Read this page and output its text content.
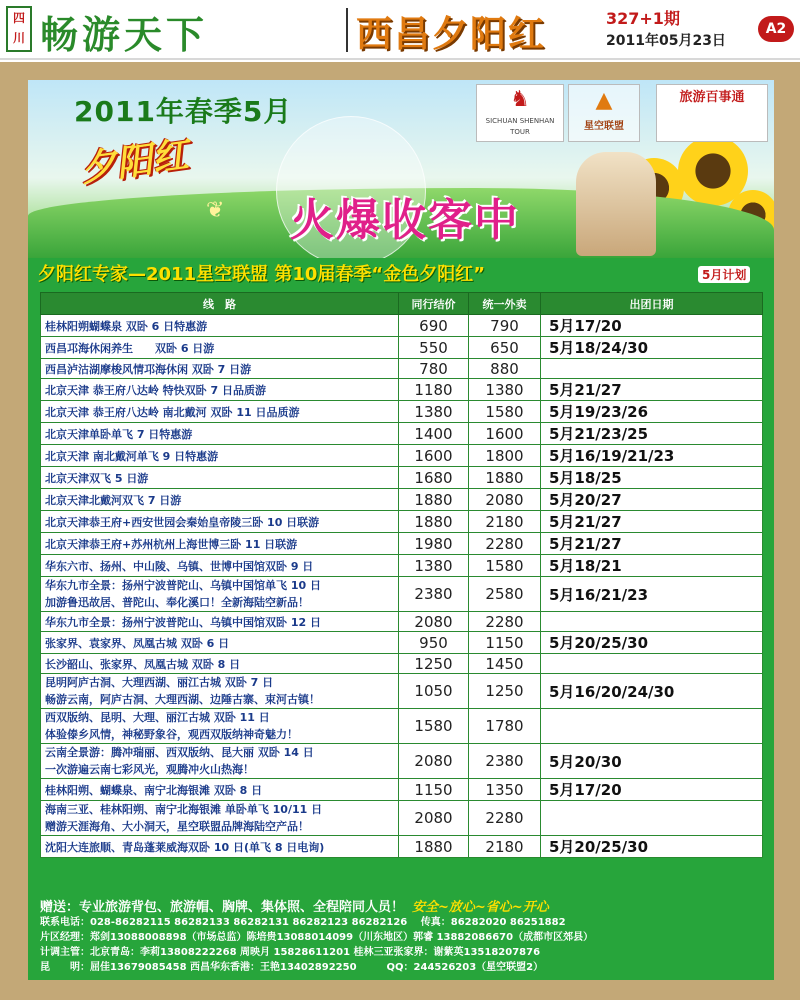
四川 畅游天下	西昌夕阳红	327+1期
2011年05月23日
A2
2011年春季5月	♞
SICHUAN SHENHAN TOUR
▲
星空联盟
旅游百事通
夕阳红
❦ 火爆收客中
夕阳红专家—2011星空联盟 第10届春季“金色夕阳红”	5月计划
线　路	同行结价	统一外卖	出团日期
桂林阳朔蝴蝶泉 双卧 6 日特惠游	690	790	5月17/20
西昌邛海休闲养生　　双卧 6 日游	550	650	5月18/24/30
西昌泸沽湖摩梭风情邛海休闲 双卧 7 日游	780	880	
北京天津 恭王府八达岭 特快双卧 7 日品质游	1180	1380	5月21/27
北京天津 恭王府八达岭 南北戴河 双卧 11 日品质游	1380	1580	5月19/23/26
北京天津单卧单飞 7 日特惠游	1400	1600	5月21/23/25
北京天津 南北戴河单飞 9 日特惠游	1600	1800	5月16/19/21/23
北京天津双飞 5 日游	1680	1880	5月18/25
北京天津北戴河双飞 7 日游	1880	2080	5月20/27
北京天津恭王府+西安世园会秦始皇帝陵三卧 10 日联游	1880	2180	5月21/27
北京天津恭王府+苏州杭州上海世博三卧 11 日联游	1980	2280	5月21/27
华东六市、扬州、中山陵、乌镇、世博中国馆双卧 9 日	1380	1580	5月18/21

华东九市全景：扬州宁波普陀山、乌镇中国馆单飞 10 日
加游鲁迅故居、普陀山、奉化溪口！全新海陆空新品！	2380	2580	5月16/21/23
华东九市全景：扬州宁波普陀山、乌镇中国馆双卧 12 日	2080	2280	
张家界、袁家界、凤凰古城 双卧 6 日	950	1150	5月20/25/30
长沙韶山、张家界、凤凰古城 双卧 8 日	1250	1450	

昆明阿庐古洞、大理西湖、丽江古城 双卧 7 日
畅游云南，阿庐古洞、大理西湖、边陲古寨、束河古镇！	1050	1250	5月16/20/24/30

西双版纳、昆明、大理、丽江古城 双卧 11 日
体验傣乡风情，神秘野象谷，观西双版纳神奇魅力！	1580	1780	

云南全景游：腾冲瑞丽、西双版纳、昆大丽 双卧 14 日
一次游遍云南七彩风光，观腾冲火山热海！	2080	2380	5月20/30
桂林阳朔、蝴蝶泉、南宁北海银滩 双卧 8 日	1150	1350	5月17/20

海南三亚、桂林阳朔、南宁北海银滩 单卧单飞 10/11 日
赠游天涯海角、大小洞天，星空联盟品牌海陆空产品！	2080	2280	
沈阳大连旅顺、青岛蓬莱威海双卧 10 日(单飞 8 日电询)	1880	2180	5月20/25/30
赠送：专业旅游背包、旅游帽、胸牌、集体照、全程陪同人员！ 安全~放心~省心~开心
联系电话：028-86282115 86282133 86282131 86282123 86282126　 传真：86282020 86251882
片区经理：郑剑13088008898（市场总监）陈培贵13088014099（川东地区）郭睿 13882086670（成都市区郊县）
计调主管：北京青岛：李莉13808222268 周映月 15828611201 桂林三亚张家界：谢紫英13518207876
昆　　明：屈佳13679085458 西昌华东香港：王艳13402892250　　　QQ：244526203（星空联盟2）
